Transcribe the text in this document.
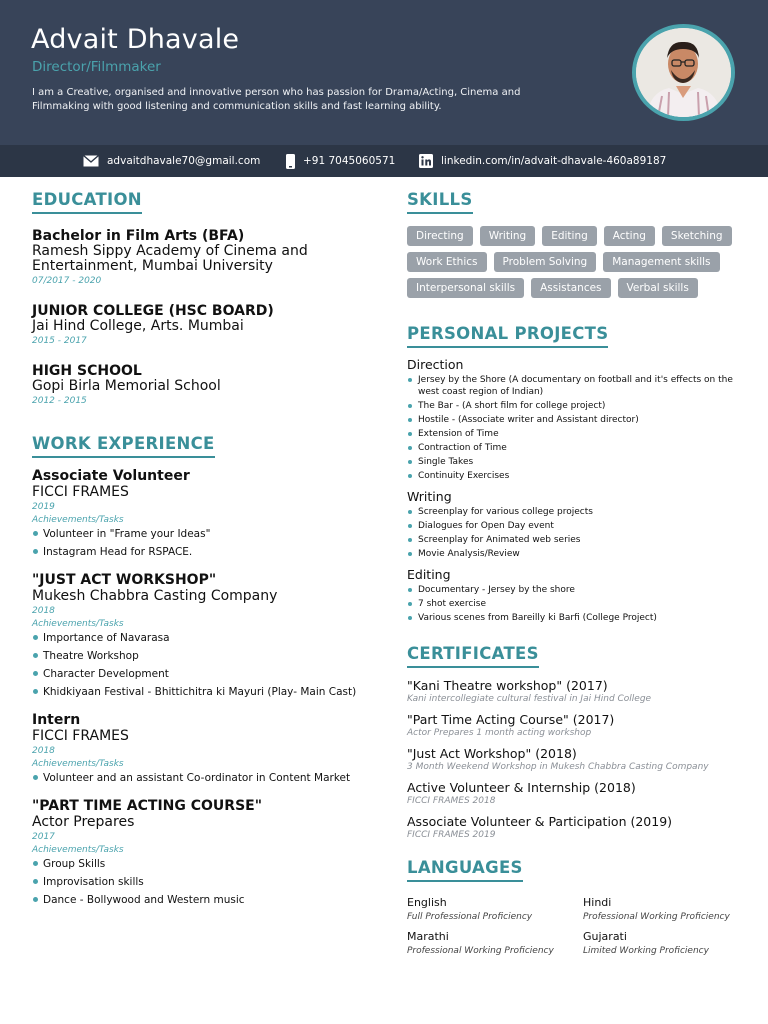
Advait Dhavale
Director/Filmmaker
I am a Creative, organised and innovative person who has passion for Drama/Acting, Cinema and Filmmaking with good listening and communication skills and fast learning ability.
advaitdhavale70@gmail.com	+91 7045060571	linkedin.com/in/advait-dhavale-460a89187
EDUCATION
Bachelor in Film Arts (BFA)
Ramesh Sippy Academy of Cinema and Entertainment, Mumbai University
07/2017 - 2020
JUNIOR COLLEGE (HSC BOARD)
Jai Hind College, Arts. Mumbai
2015 - 2017
HIGH SCHOOL
Gopi Birla Memorial School
2012 - 2015
WORK EXPERIENCE
Associate Volunteer
FICCI FRAMES
2019
Achievements/Tasks
Volunteer in "Frame your Ideas"
Instagram Head for RSPACE.
"JUST ACT WORKSHOP"
Mukesh Chabbra Casting Company
2018
Achievements/Tasks
Importance of Navarasa
Theatre Workshop
Character Development
Khidkiyaan Festival - Bhittichitra ki Mayuri (Play- Main Cast)
Intern
FICCI FRAMES
2018
Achievements/Tasks
Volunteer and an assistant Co-ordinator in Content Market
"PART TIME ACTING COURSE"
Actor Prepares
2017
Achievements/Tasks
Group Skills
Improvisation skills
Dance - Bollywood and Western music
SKILLS
Directing	Writing	Editing	Acting	Sketching
Work Ethics	Problem Solving	Management skills
Interpersonal skills	Assistances	Verbal skills
PERSONAL PROJECTS
Direction
Jersey by the Shore (A documentary on football and it's effects on the west coast region of Indian)
The Bar - (A short film for college project)
Hostile - (Associate writer and Assistant director)
Extension of Time
Contraction of Time
Single Takes
Continuity Exercises
Writing
Screenplay for various college projects
Dialogues for Open Day event
Screenplay for Animated web series
Movie Analysis/Review
Editing
Documentary - Jersey by the shore
7 shot exercise
Various scenes from Bareilly ki Barfi (College Project)
CERTIFICATES
"Kani Theatre workshop" (2017)
Kani intercollegiate cultural festival in Jai Hind College
"Part Time Acting Course" (2017)
Actor Prepares 1 month acting workshop
"Just Act Workshop" (2018)
3 Month Weekend Workshop in Mukesh Chabbra Casting Company
Active Volunteer & Internship (2018)
FICCI FRAMES 2018
Associate Volunteer & Participation (2019)
FICCI FRAMES 2019
LANGUAGES
English
Full Professional Proficiency
Hindi
Professional Working Proficiency
Marathi
Professional Working Proficiency
Gujarati
Limited Working Proficiency
